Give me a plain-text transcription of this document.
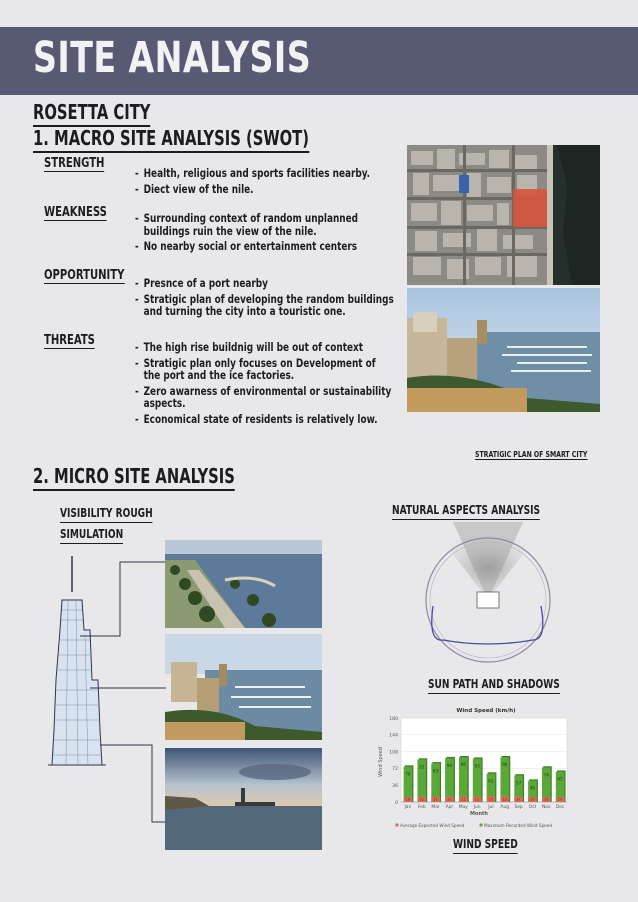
SITE ANALYSIS
ROSETTA CITY
1. MACRO SITE ANALYSIS (SWOT)
STRENGTH
- Health, religious and sports facilities nearby.
- Diect view of the nile.
WEAKNESS	- Surrounding context of random unplanned
buildings ruin the view of the nile.
- No nearby social or entertainment centers
OPPORTUNITY	- Presnce of a port nearby
- Stratigic plan of developing the random buildings
and turning the city into a touristic one.
THREATS	- The high rise buildnig will be out of context
- Stratigic plan only focuses on Development of
the port and the ice factories.
- Zero awarness of environmental or sustainability
aspects.
- Economical state of residents is relatively low.
STRATIGIC PLAN OF SMART CITY
2. MICRO SITE ANALYSIS
VISIBILITY ROUGH
SIMULATION
NATURAL ASPECTS ANALYSIS
SUN PATH AND SHADOWS
Wind Speed (km/h)
Wind Speed
Month
0
36
72
108
144
180
76
10
Jan
91
11
Feb
83
11
Mar
94
11
Apr
96
11
May
93
11
Jun
61
12
Jul
96
12
Aug
57
11
Sep
46
10
Oct
74
10
Nov
65
10
Dec
Average Expected Wind Speed	Maximum Recorded Wind Speed
WIND SPEED
